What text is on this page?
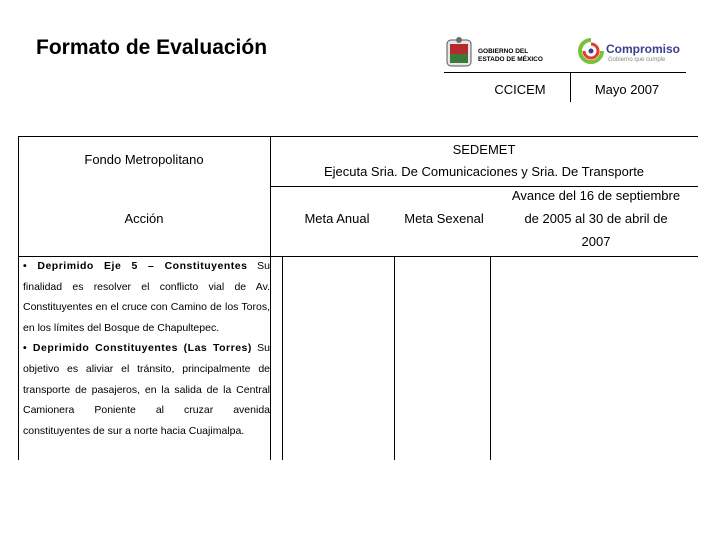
Formato de Evaluación	GOBIERNO DEL
ESTADO DE MÉXICO
Compromiso
Gobierno que cumple
CCICEM	Mayo 2007
Fondo Metropolitano
SEDEMET
Ejecuta Sria. De Comunicaciones y Sria. De Transporte
Acción	Meta Anual	Meta Sexenal
Avance del 16 de septiembre
de 2005 al 30 de abril de
2007

• Deprimido Eje 5 – Constituyentes Su finalidad es resolver el conflicto vial de Av. Constituyentes en el cruce con Camino de los Toros, en los límites del Bosque de Chapultepec.

• Deprimido Constituyentes (Las Torres) Su objetivo es aliviar el tránsito, principalmente de transporte de pasajeros, en la salida de la Central Camionera Poniente al cruzar avenida constituyentes de sur a norte hacia Cuajimalpa.
